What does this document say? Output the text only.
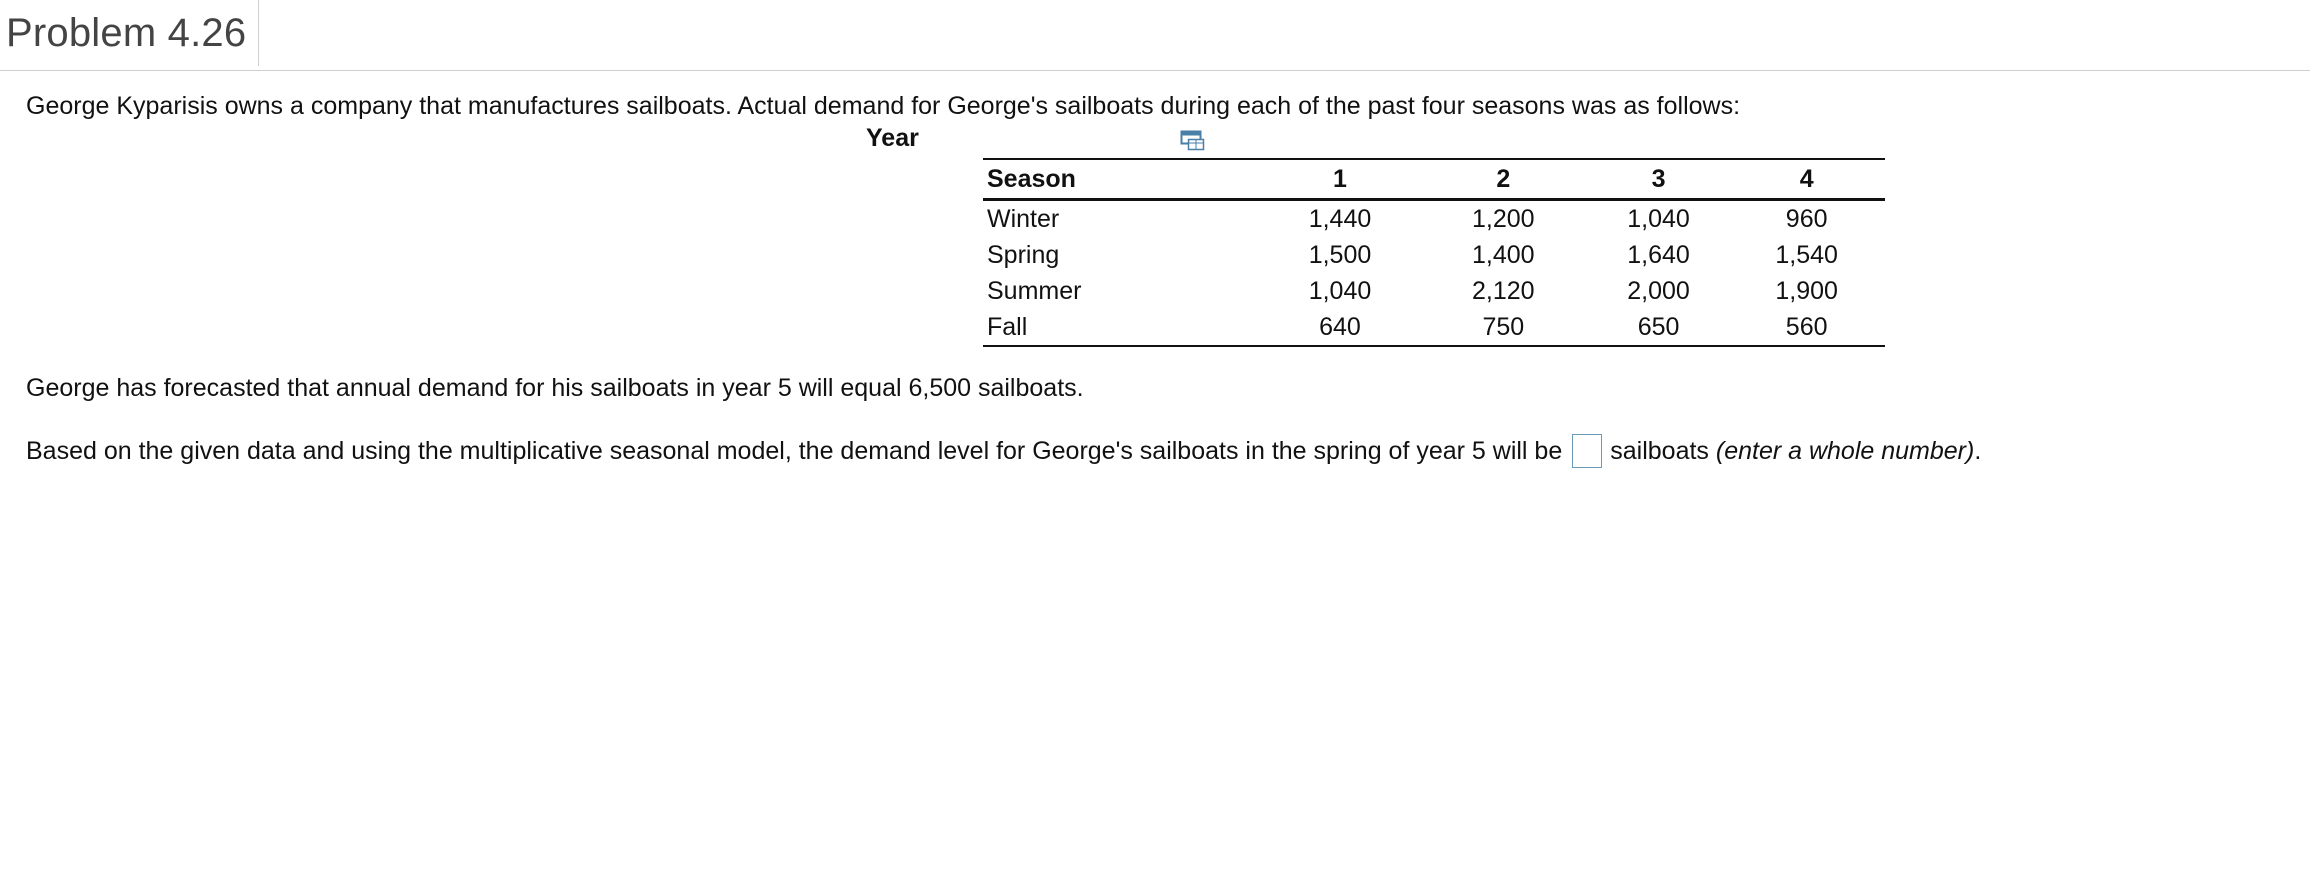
Problem 4.26
George Kyparisis owns a company that manufactures sailboats. Actual demand for George's sailboats during each of the past four seasons was as follows:
Year
Season	1	2	3	4
Winter	1,440	1,200	1,040	960
Spring	1,500	1,400	1,640	1,540
Summer	1,040	2,120	2,000	1,900
Fall	640	750	650	560
George has forecasted that annual demand for his sailboats in year 5 will equal 6,500 sailboats.
Based on the given data and using the multiplicative seasonal model, the demand level for George's sailboats in the spring of year 5 will be sailboats
(enter a whole number) .
